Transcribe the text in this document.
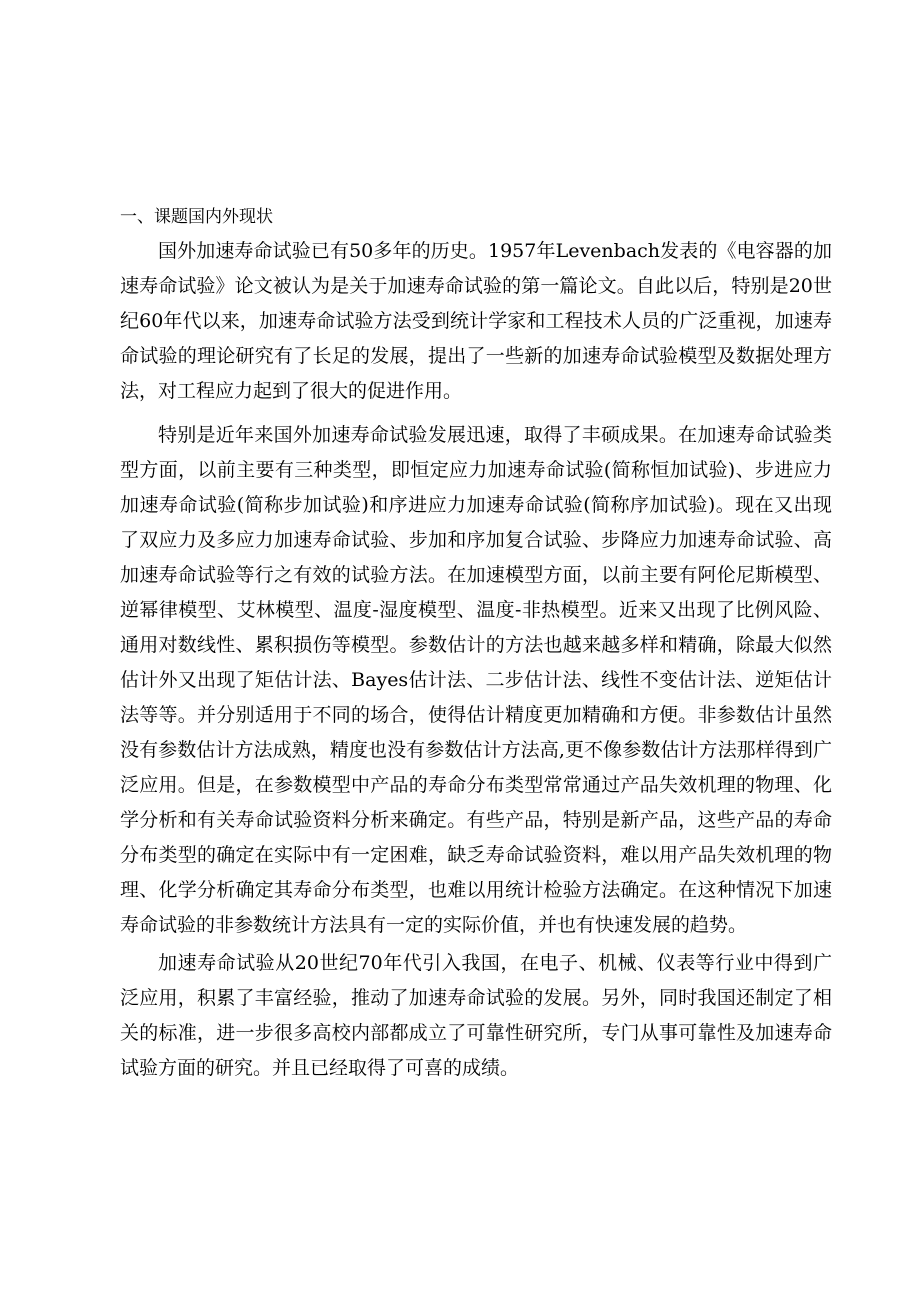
一、课题国内外现状

国外加速寿命试验已有50多年的历史。1957年Levenbach发表的《电容器的加速寿命试验》论文被认为是关于加速寿命试验的第一篇论文。自此以后，特别是20世纪60年代以来，加速寿命试验方法受到统计学家和工程技术人员的广泛重视，加速寿命试验的理论研究有了长足的发展，提出了一些新的加速寿命试验模型及数据处理方法，对工程应力起到了很大的促进作用。

特别是近年来国外加速寿命试验发展迅速，取得了丰硕成果。在加速寿命试验类型方面，以前主要有三种类型，即恒定应力加速寿命试验(简称恒加试验)、步进应力加速寿命试验(简称步加试验)和序进应力加速寿命试验(简称序加试验)。现在又出现了双应力及多应力加速寿命试验、步加和序加复合试验、步降应力加速寿命试验、高加速寿命试验等行之有效的试验方法。在加速模型方面，以前主要有阿伦尼斯模型、逆幂律模型、艾林模型、温度-湿度模型、温度-非热模型。近来又出现了比例风险、通用对数线性、累积损伤等模型。参数估计的方法也越来越多样和精确，除最大似然估计外又出现了矩估计法、Bayes估计法、二步估计法、线性不变估计法、逆矩估计法等等。并分别适用于不同的场合，使得估计精度更加精确和方便。非参数估计虽然没有参数估计方法成熟，精度也没有参数估计方法高,更不像参数估计方法那样得到广泛应用。但是，在参数模型中产品的寿命分布类型常常通过产品失效机理的物理、化学分析和有关寿命试验资料分析来确定。有些产品，特别是新产品，这些产品的寿命分布类型的确定在实际中有一定困难，缺乏寿命试验资料，难以用产品失效机理的物理、化学分析确定其寿命分布类型，也难以用统计检验方法确定。在这种情况下加速寿命试验的非参数统计方法具有一定的实际价值，并也有快速发展的趋势。

加速寿命试验从20世纪70年代引入我国，在电子、机械、仪表等行业中得到广泛应用，积累了丰富经验，推动了加速寿命试验的发展。另外，同时我国还制定了相关的标准，进一步很多高校内部都成立了可靠性研究所，专门从事可靠性及加速寿命试验方面的研究。并且已经取得了可喜的成绩。
